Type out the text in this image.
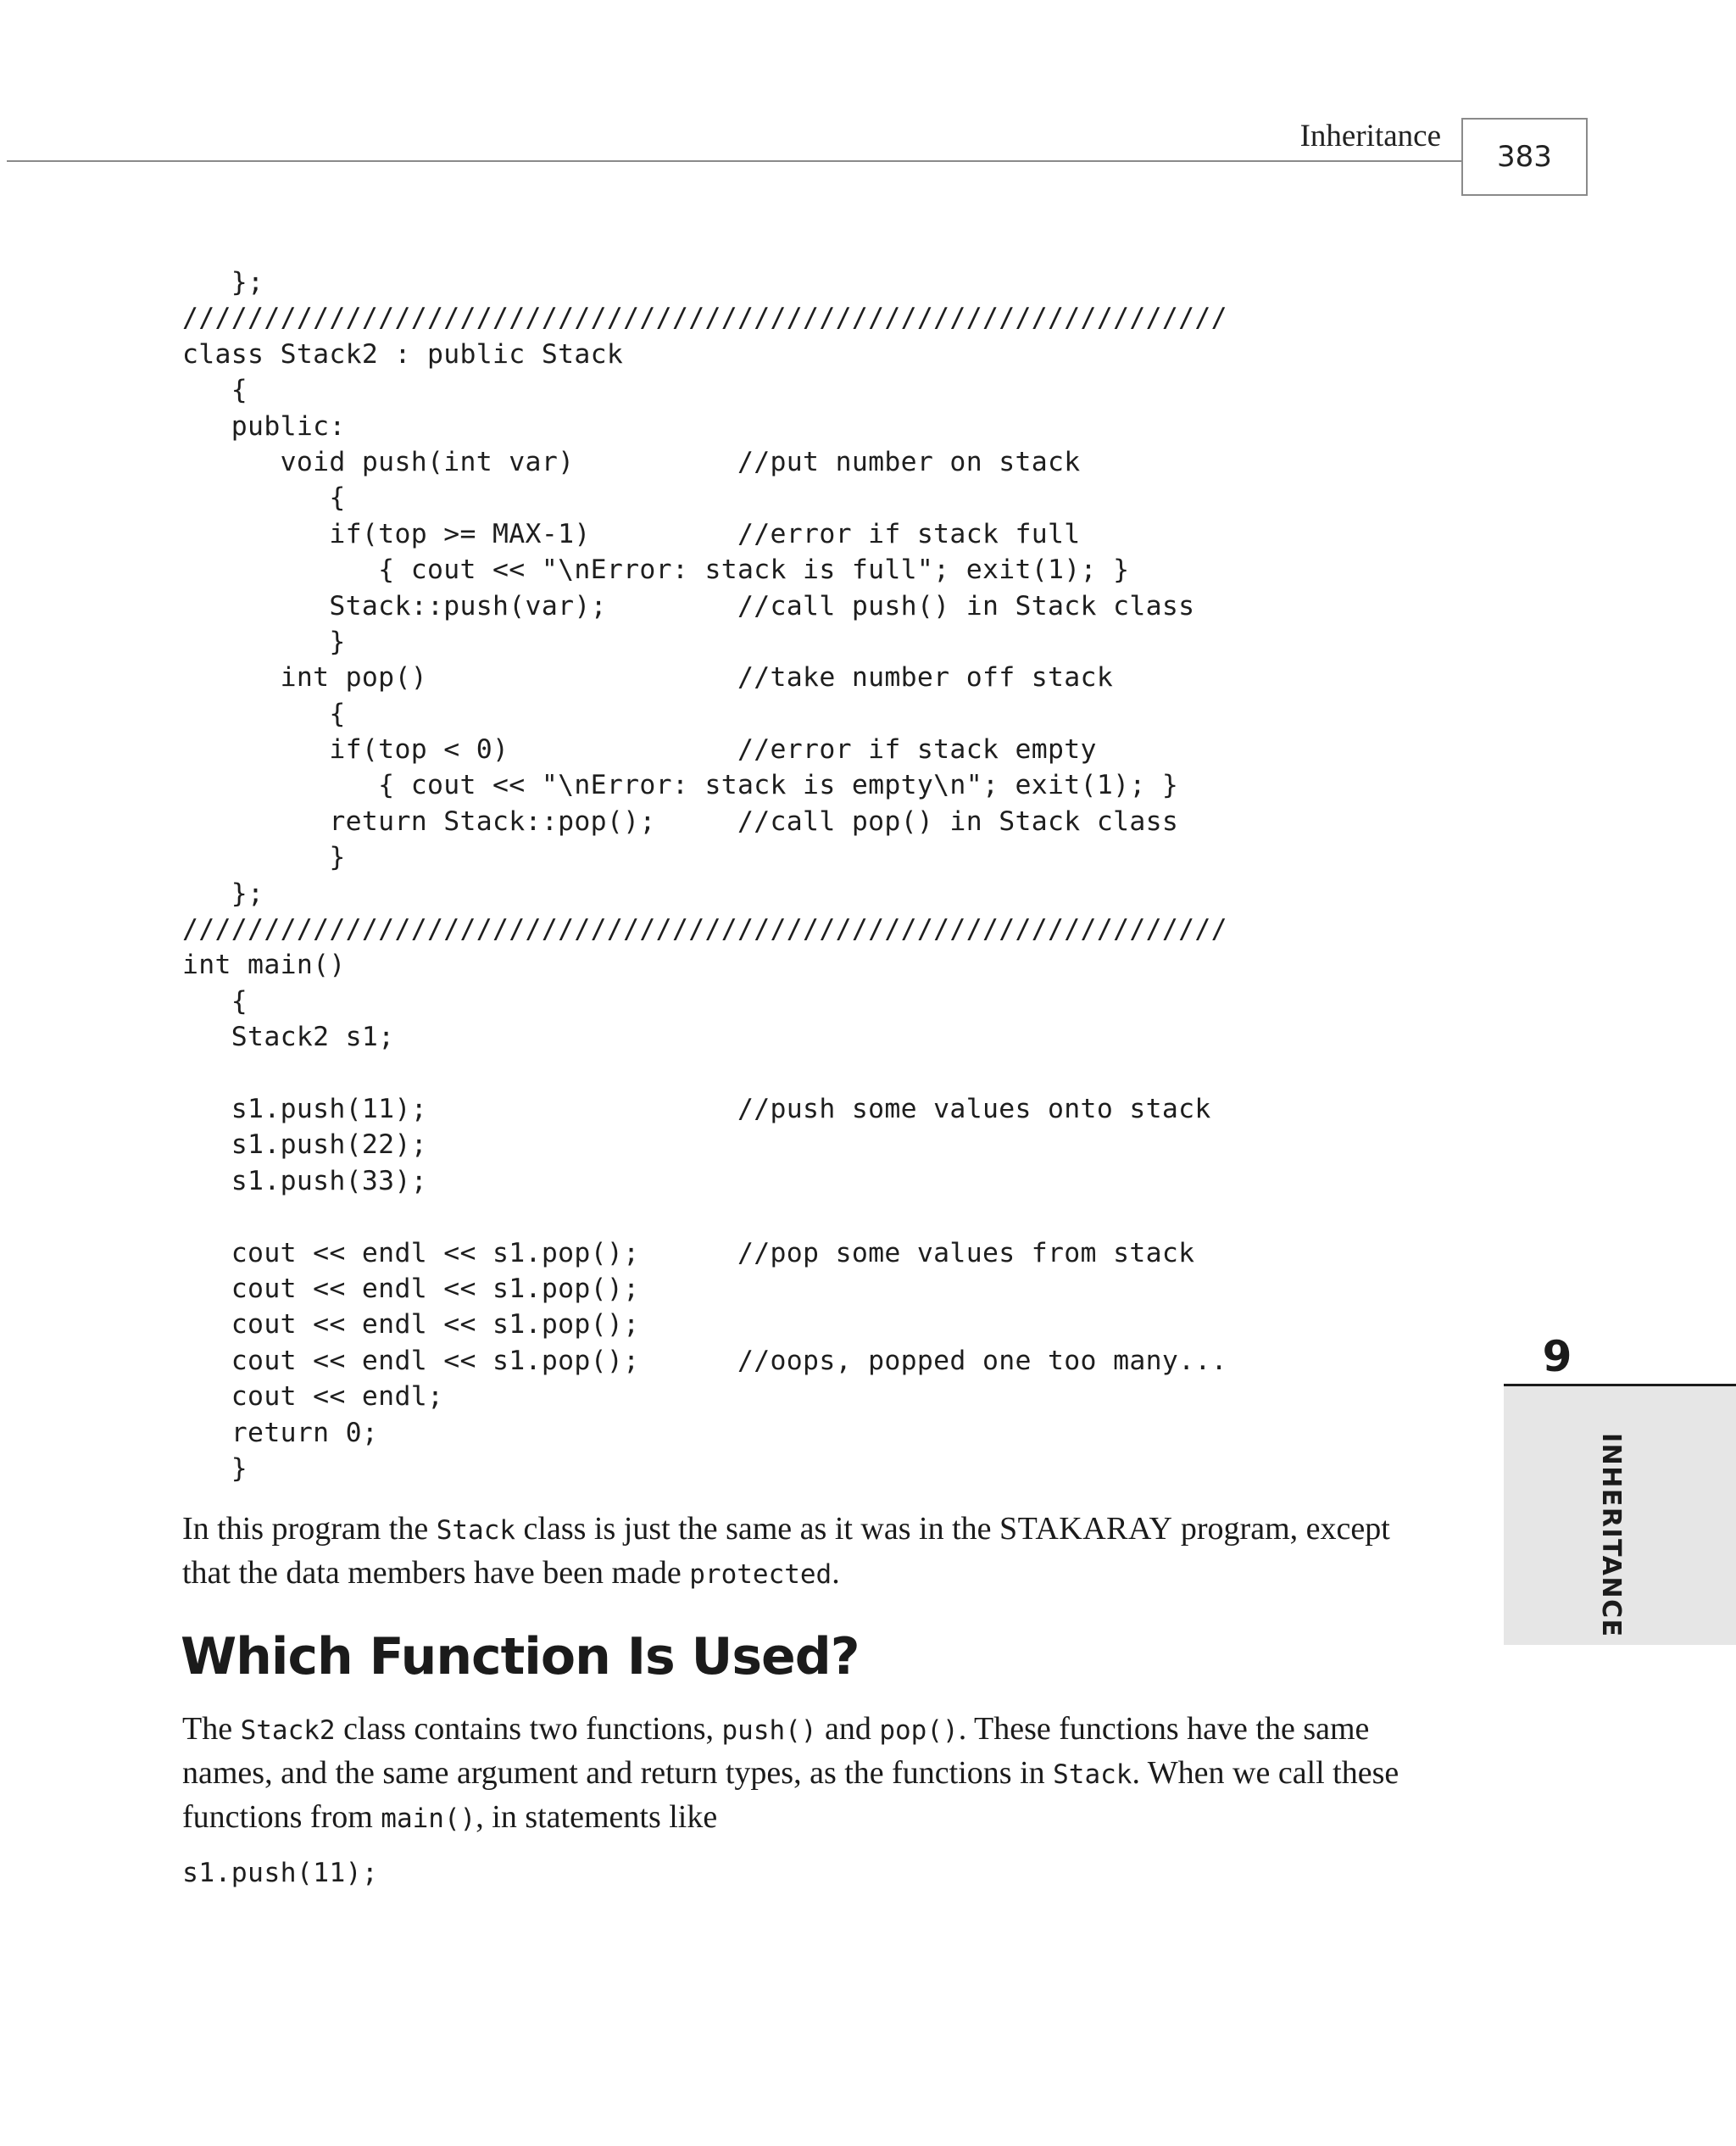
Inheritance
383
};
////////////////////////////////////////////////////////////////
class Stack2 : public Stack
{
public:
void push(int var)          //put number on stack
{
if(top >= MAX-1)         //error if stack full
{ cout << "\nError: stack is full"; exit(1); }
Stack::push(var);        //call push() in Stack class
}
int pop()                   //take number off stack
{
if(top < 0)              //error if stack empty
{ cout << "\nError: stack is empty\n"; exit(1); }
return Stack::pop();     //call pop() in Stack class
}
};
////////////////////////////////////////////////////////////////
int main()
{
Stack2 s1;
s1.push(11);                   //push some values onto stack
s1.push(22);
s1.push(33);
cout << endl << s1.pop();      //pop some values from stack
cout << endl << s1.pop();
cout << endl << s1.pop();
cout << endl << s1.pop();      //oops, popped one too many...
cout << endl;
return 0;
}

In this program the Stack class is just the same as it was in the STAKARAY program, except that the data members have been made protected.

Which Function Is Used?

The Stack2 class contains two functions, push() and pop(). These functions have the same names, and the same argument and return types, as the functions in Stack. When we call these functions from main(), in statements like

s1.push(11);
9
INHERITANCE
